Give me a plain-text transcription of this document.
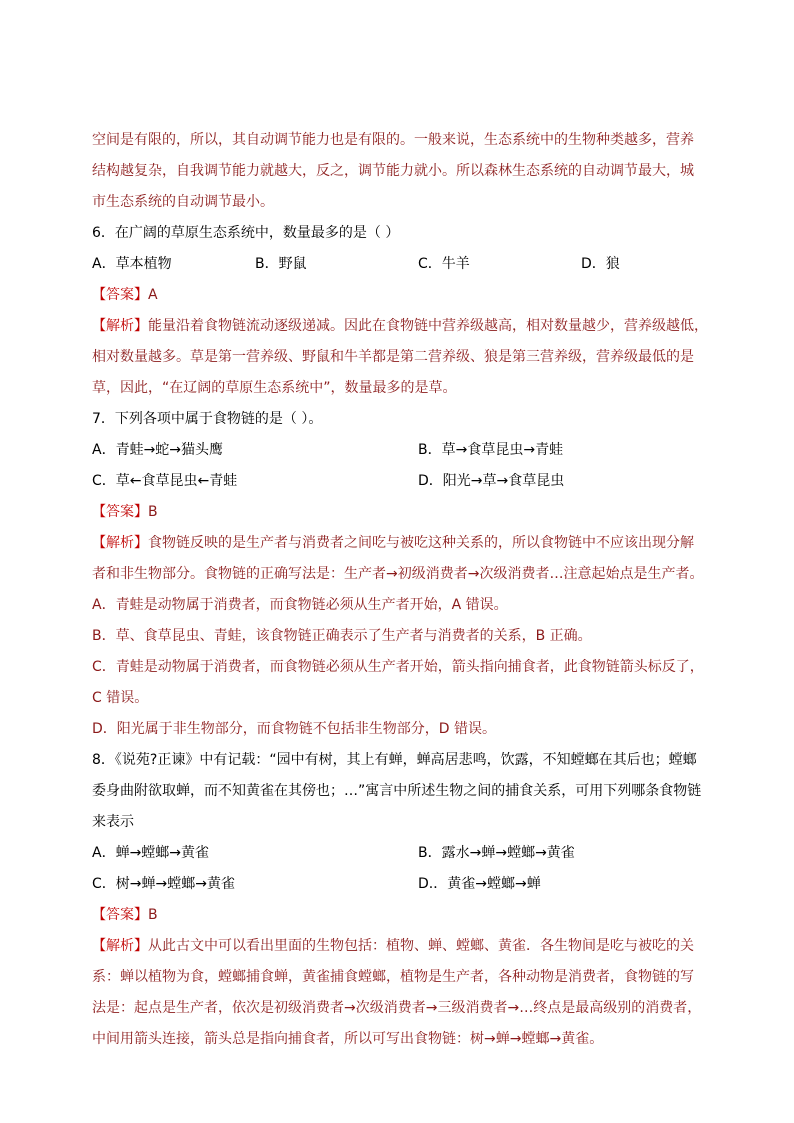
空间是有限的，所以，其自动调节能力也是有限的。一般来说，生态系统中的生物种类越多，营养
结构越复杂，自我调节能力就越大，反之，调节能力就小。所以森林生态系统的自动调节最大，城
市生态系统的自动调节最小。
6．在广阔的草原生态系统中，数量最多的是（ ）
A．草本植物	B．野鼠	C．牛羊	D．狼
【答案】A
【解析】能量沿着食物链流动逐级递减。因此在食物链中营养级越高，相对数量越少，营养级越低，
相对数量越多。草是第一营养级、野鼠和牛羊都是第二营养级、狼是第三营养级，营养级最低的是
草，因此，“在辽阔的草原生态系统中”，数量最多的是草。
7．下列各项中属于食物链的是（ ）。
A．青蛙→蛇→猫头鹰	B．草→食草昆虫→青蛙
C．草←食草昆虫←青蛙	D．阳光→草→食草昆虫
【答案】B
【解析】食物链反映的是生产者与消费者之间吃与被吃这种关系的，所以食物链中不应该出现分解
者和非生物部分。食物链的正确写法是：生产者→初级消费者→次级消费者…注意起始点是生产者。
A．青蛙是动物属于消费者，而食物链必须从生产者开始，A 错误。
B．草、食草昆虫、青蛙，该食物链正确表示了生产者与消费者的关系，B 正确。
C．青蛙是动物属于消费者，而食物链必须从生产者开始，箭头指向捕食者，此食物链箭头标反了，
C 错误。
D．阳光属于非生物部分，而食物链不包括非生物部分，D 错误。
8．《说苑?正谏》中有记载：“园中有树，其上有蝉，蝉高居悲鸣，饮露，不知螳螂在其后也；螳螂
委身曲附欲取蝉，而不知黄雀在其傍也；…”寓言中所述生物之间的捕食关系，可用下列哪条食物链
来表示
A．蝉→螳螂→黄雀	B．露水→蝉→螳螂→黄雀
C．树→蝉→螳螂→黄雀	D.．黄雀→螳螂→蝉
【答案】B
【解析】从此古文中可以看出里面的生物包括：植物、蝉、螳螂、黄雀．各生物间是吃与被吃的关
系：蝉以植物为食，螳螂捕食蝉，黄雀捕食螳螂，植物是生产者，各种动物是消费者，食物链的写
法是：起点是生产者，依次是初级消费者→次级消费者→三级消费者→…终点是最高级别的消费者，
中间用箭头连接，箭头总是指向捕食者，所以可写出食物链：树→蝉→螳螂→黄雀。
